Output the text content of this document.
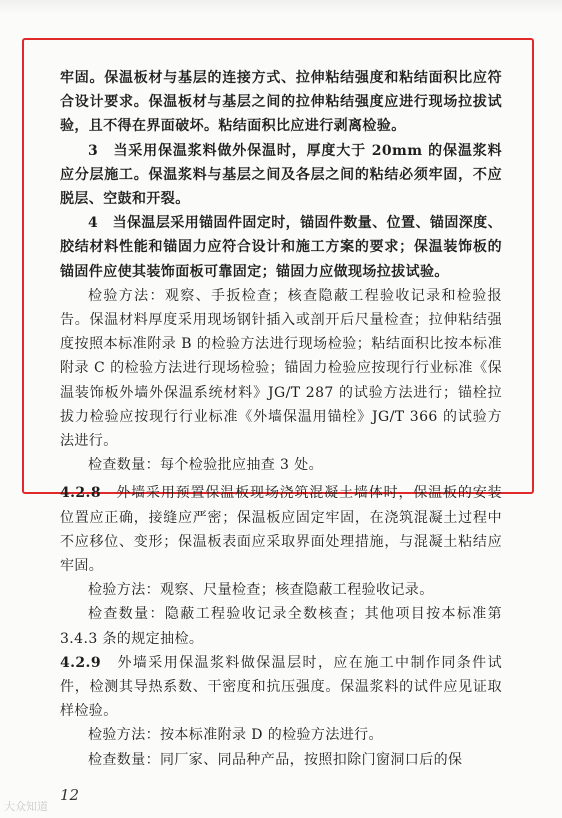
牢固。保温板材与基层的连接方式、拉伸粘结强度和粘结面积比应符合设计要求。保温板材与基层之间的拉伸粘结强度应进行现场拉拔试验，且不得在界面破坏。粘结面积比应进行剥离检验。

3　当采用保温浆料做外保温时，厚度大于 20mm 的保温浆料应分层施工。保温浆料与基层之间及各层之间的粘结必须牢固，不应脱层、空鼓和开裂。

4　当保温层采用锚固件固定时，锚固件数量、位置、锚固深度、胶结材料性能和锚固力应符合设计和施工方案的要求；保温装饰板的锚固件应使其装饰面板可靠固定；锚固力应做现场拉拔试验。

检验方法：观察、手扳检查；核查隐蔽工程验收记录和检验报告。保温材料厚度采用现场钢针插入或剖开后尺量检查；拉伸粘结强度按照本标准附录 B 的检验方法进行现场检验；粘结面积比按本标准附录 C 的检验方法进行现场检验；锚固力检验应按现行行业标准《保温装饰板外墙外保温系统材料》JG/T 287 的试验方法进行；锚栓拉拔力检验应按现行行业标准《外墙保温用锚栓》JG/T 366 的试验方法进行。

检查数量：每个检验批应抽查 3 处。

4.2.8　 外墙采用预置保温板现场浇筑混凝土墙体时，保温板的安装位置应正确，接缝应严密；保温板应固定牢固，在浇筑混凝土过程中不应移位、变形；保温板表面应采取界面处理措施，与混凝土粘结应牢固。

检验方法：观察、尺量检查；核查隐蔽工程验收记录。

检查数量：隐蔽工程验收记录全数核查；其他项目按本标准第 3.4.3 条的规定抽检。

4.2.9　 外墙采用保温浆料做保温层时，应在施工中制作同条件试件，检测其导热系数、干密度和抗压强度。保温浆料的试件应见证取样检验。

检验方法：按本标准附录 D 的检验方法进行。

检查数量：同厂家、同品种产品，按照扣除门窗洞口后的保

12
大众知道
